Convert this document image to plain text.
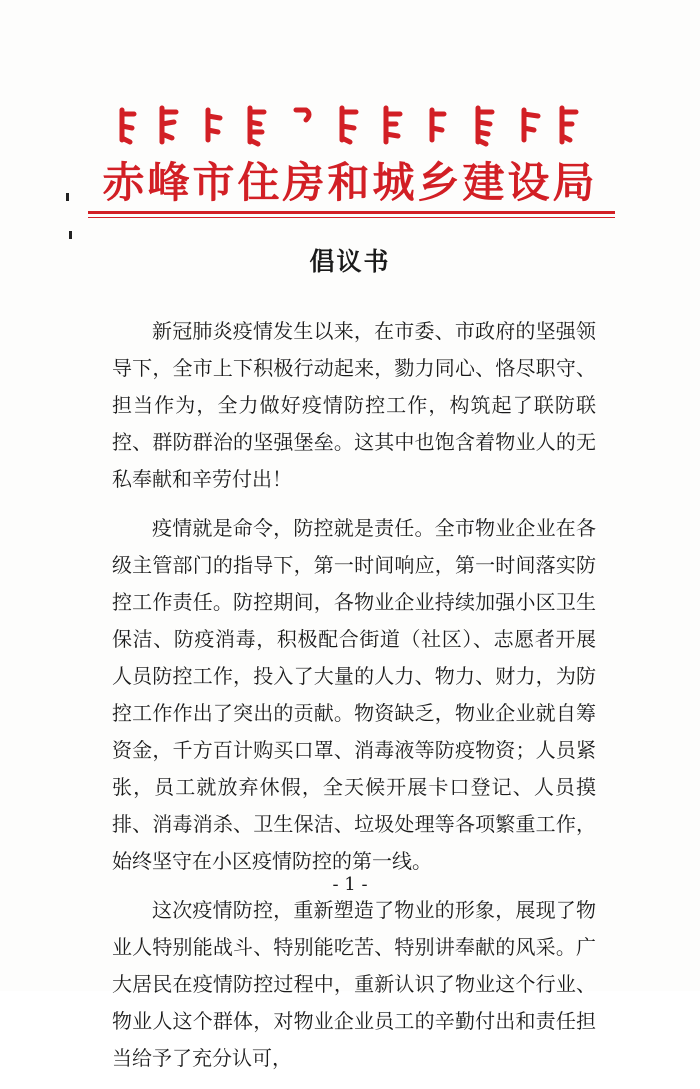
赤峰市住房和城乡建设局
倡议书

新冠肺炎疫情发生以来，在市委、市政府的坚强领导下，全市上下积极行动起来，勠力同心、恪尽职守、担当作为，全力做好疫情防控工作，构筑起了联防联控、群防群治的坚强堡垒。这其中也饱含着物业人的无私奉献和辛劳付出！

疫情就是命令，防控就是责任。全市物业企业在各级主管部门的指导下，第一时间响应，第一时间落实防控工作责任。防控期间，各物业企业持续加强小区卫生保洁、防疫消毒，积极配合街道（社区）、志愿者开展人员防控工作，投入了大量的人力、物力、财力，为防控工作作出了突出的贡献。物资缺乏，物业企业就自筹资金，千方百计购买口罩、消毒液等防疫物资；人员紧张，员工就放弃休假，全天候开展卡口登记、人员摸排、消毒消杀、卫生保洁、垃圾处理等各项繁重工作，始终坚守在小区疫情防控的第一线。

这次疫情防控，重新塑造了物业的形象，展现了物业人特别能战斗、特别能吃苦、特别讲奉献的风采。广大居民在疫情防控过程中，重新认识了物业这个行业、物业人这个群体，对物业企业员工的辛勤付出和责任担当给予了充分认可，

- 1 -
